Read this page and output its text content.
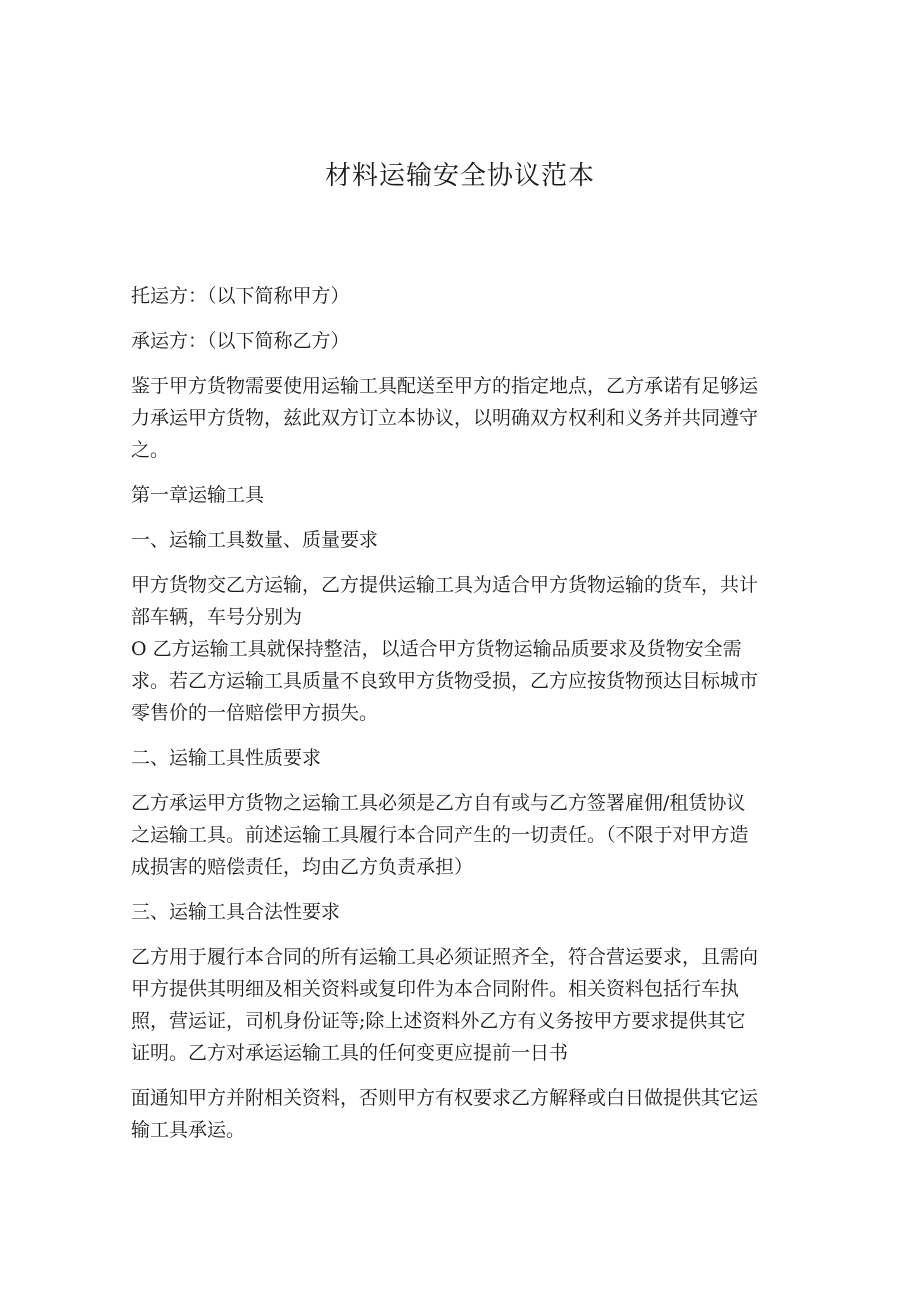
材料运输安全协议范本
托运方：（以下简称甲方）
承运方：（以下简称乙方）
鉴于甲方货物需要使用运输工具配送至甲方的指定地点，乙方承诺有足够运
力承运甲方货物，兹此双方订立本协议，以明确双方权利和义务并共同遵守
之。
第一章运输工具
一、运输工具数量、质量要求
甲方货物交乙方运输，乙方提供运输工具为适合甲方货物运输的货车，共计
部车辆，车号分别为
O 乙方运输工具就保持整洁，以适合甲方货物运输品质要求及货物安全需
求。若乙方运输工具质量不良致甲方货物受损，乙方应按货物预达目标城市
零售价的一倍赔偿甲方损失。
二、运输工具性质要求
乙方承运甲方货物之运输工具必须是乙方自有或与乙方签署雇佣/租赁协议
之运输工具。前述运输工具履行本合同产生的一切责任。（不限于对甲方造
成损害的赔偿责任，均由乙方负责承担）
三、运输工具合法性要求
乙方用于履行本合同的所有运输工具必须证照齐全，符合营运要求，且需向
甲方提供其明细及相关资料或复印件为本合同附件。相关资料包括行车执
照，营运证，司机身份证等;除上述资料外乙方有义务按甲方要求提供其它
证明。乙方对承运运输工具的任何变更应提前一日书
面通知甲方并附相关资料，否则甲方有权要求乙方解释或白日做提供其它运
输工具承运。
